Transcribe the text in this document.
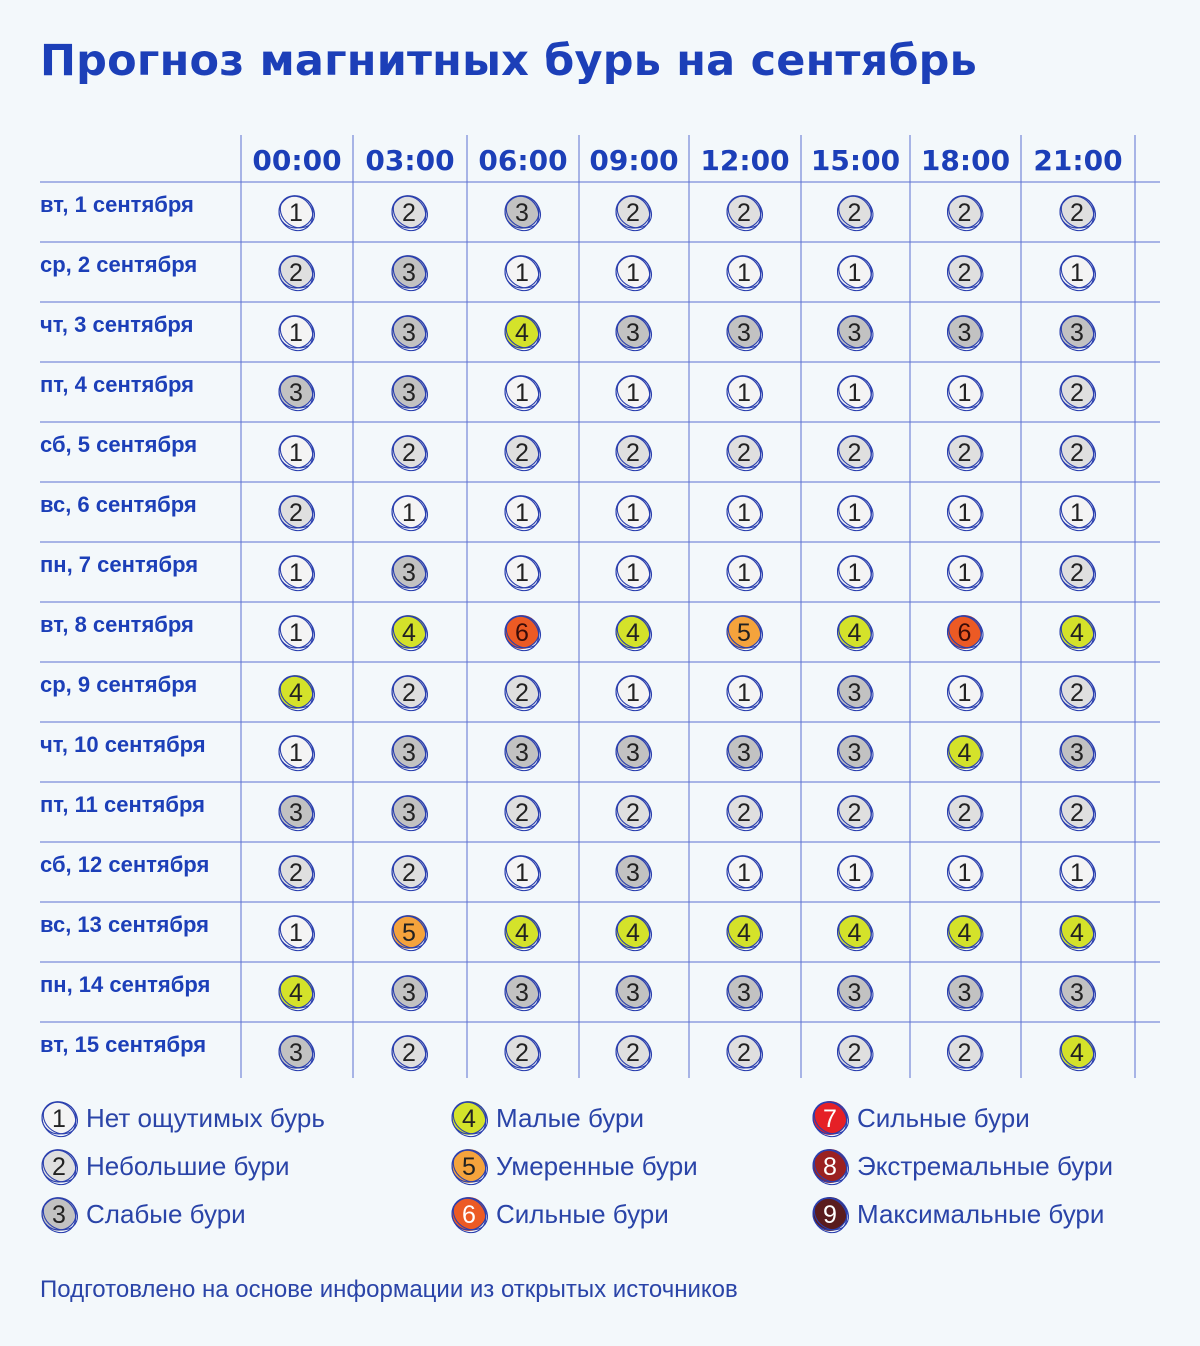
Прогноз магнитных бурь на сентябрь
00:00 03:00 06:00 09:00 12:00 15:00 18:00 21:00
вт, 1 сентября	1	2	3	2	2	2	2	2
ср, 2 сентября	2	3	1	1	1	1	2	1
чт, 3 сентября	1	3	4	3	3	3	3	3
пт, 4 сентября	3	3	1	1	1	1	1	2
сб, 5 сентября	1	2	2	2	2	2	2	2
вс, 6 сентября	2	1	1	1	1	1	1	1
пн, 7 сентября	1	3	1	1	1	1	1	2
вт, 8 сентября	1	4	6	4	5	4	6	4
ср, 9 сентября	4	2	2	1	1	3	1	2
чт, 10 сентября	1	3	3	3	3	3	4	3
пт, 11 сентября	3	3	2	2	2	2	2	2
сб, 12 сентября	2	2	1	3	1	1	1	1
вс, 13 сентября	1	5	4	4	4	4	4	4
пн, 14 сентября	4	3	3	3	3	3	3	3
вт, 15 сентября	3	2	2	2	2	2	2	4
1 Нет ощутимых бурь
2 Небольшие бури
3 Слабые бури
4 Малые бури
5 Умеренные бури
6 Сильные бури
7 Сильные бури
8 Экстремальные бури
9 Максимальные бури
Подготовлено на основе информации из открытых источников
